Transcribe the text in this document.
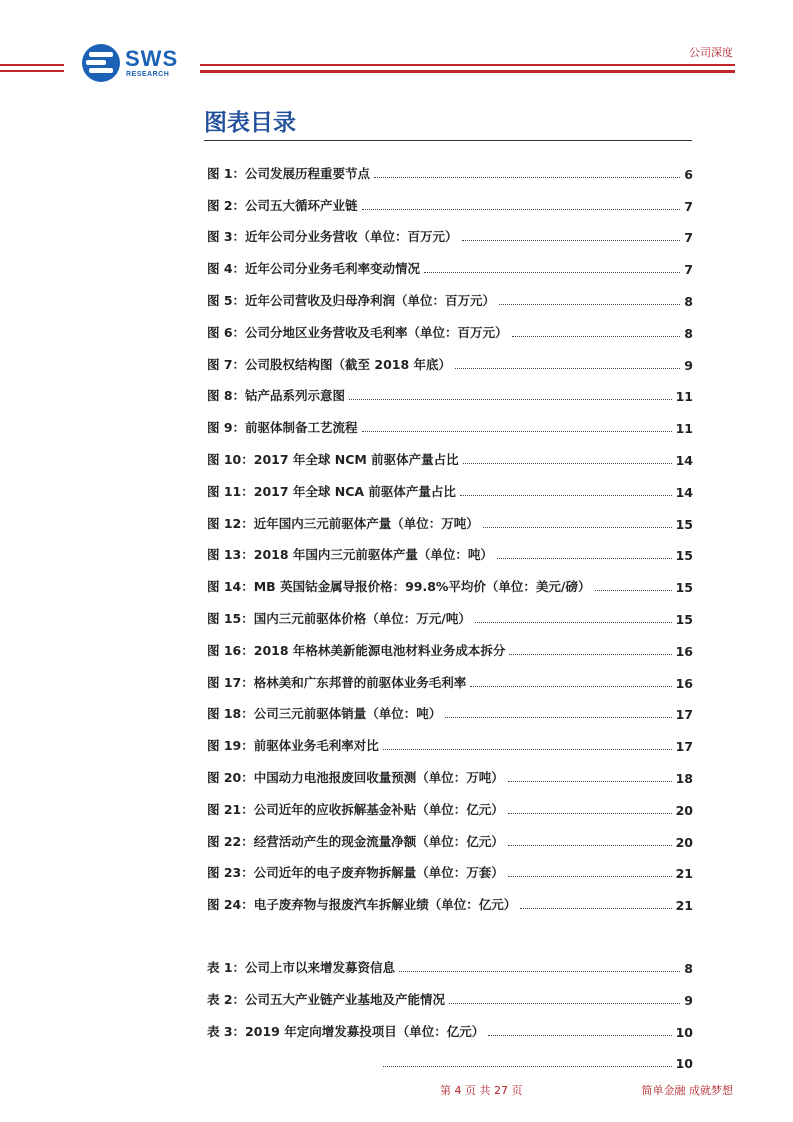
SWS
RESEARCH
公司深度
图表目录
图 1：公司发展历程重要节点	6
图 2：公司五大循环产业链	7
图 3：近年公司分业务营收（单位：百万元）	7
图 4：近年公司分业务毛利率变动情况	7
图 5：近年公司营收及归母净利润（单位：百万元）	8
图 6：公司分地区业务营收及毛利率（单位：百万元）	8
图 7：公司股权结构图（截至 2018 年底）	9
图 8：钴产品系列示意图	11
图 9：前驱体制备工艺流程	11
图 10：2017 年全球 NCM 前驱体产量占比	14
图 11：2017 年全球 NCA 前驱体产量占比	14
图 12：近年国内三元前驱体产量（单位：万吨）	15
图 13：2018 年国内三元前驱体产量（单位：吨）	15
图 14：MB 英国钴金属导报价格：99.8%平均价（单位：美元/磅）	15
图 15：国内三元前驱体价格（单位：万元/吨）	15
图 16：2018 年格林美新能源电池材料业务成本拆分	16
图 17：格林美和广东邦普的前驱体业务毛利率	16
图 18：公司三元前驱体销量（单位：吨）	17
图 19：前驱体业务毛利率对比	17
图 20：中国动力电池报废回收量预测（单位：万吨）	18
图 21：公司近年的应收拆解基金补贴（单位：亿元）	20
图 22：经营活动产生的现金流量净额（单位：亿元）	20
图 23：公司近年的电子废弃物拆解量（单位：万套）	21
图 24：电子废弃物与报废汽车拆解业绩（单位：亿元）	21
表 1：公司上市以来增发募资信息	8
表 2：公司五大产业链产业基地及产能情况	9
表 3：2019 年定向增发募投项目（单位：亿元）	10
10
第 4 页 共 27 页	简单金融 成就梦想
